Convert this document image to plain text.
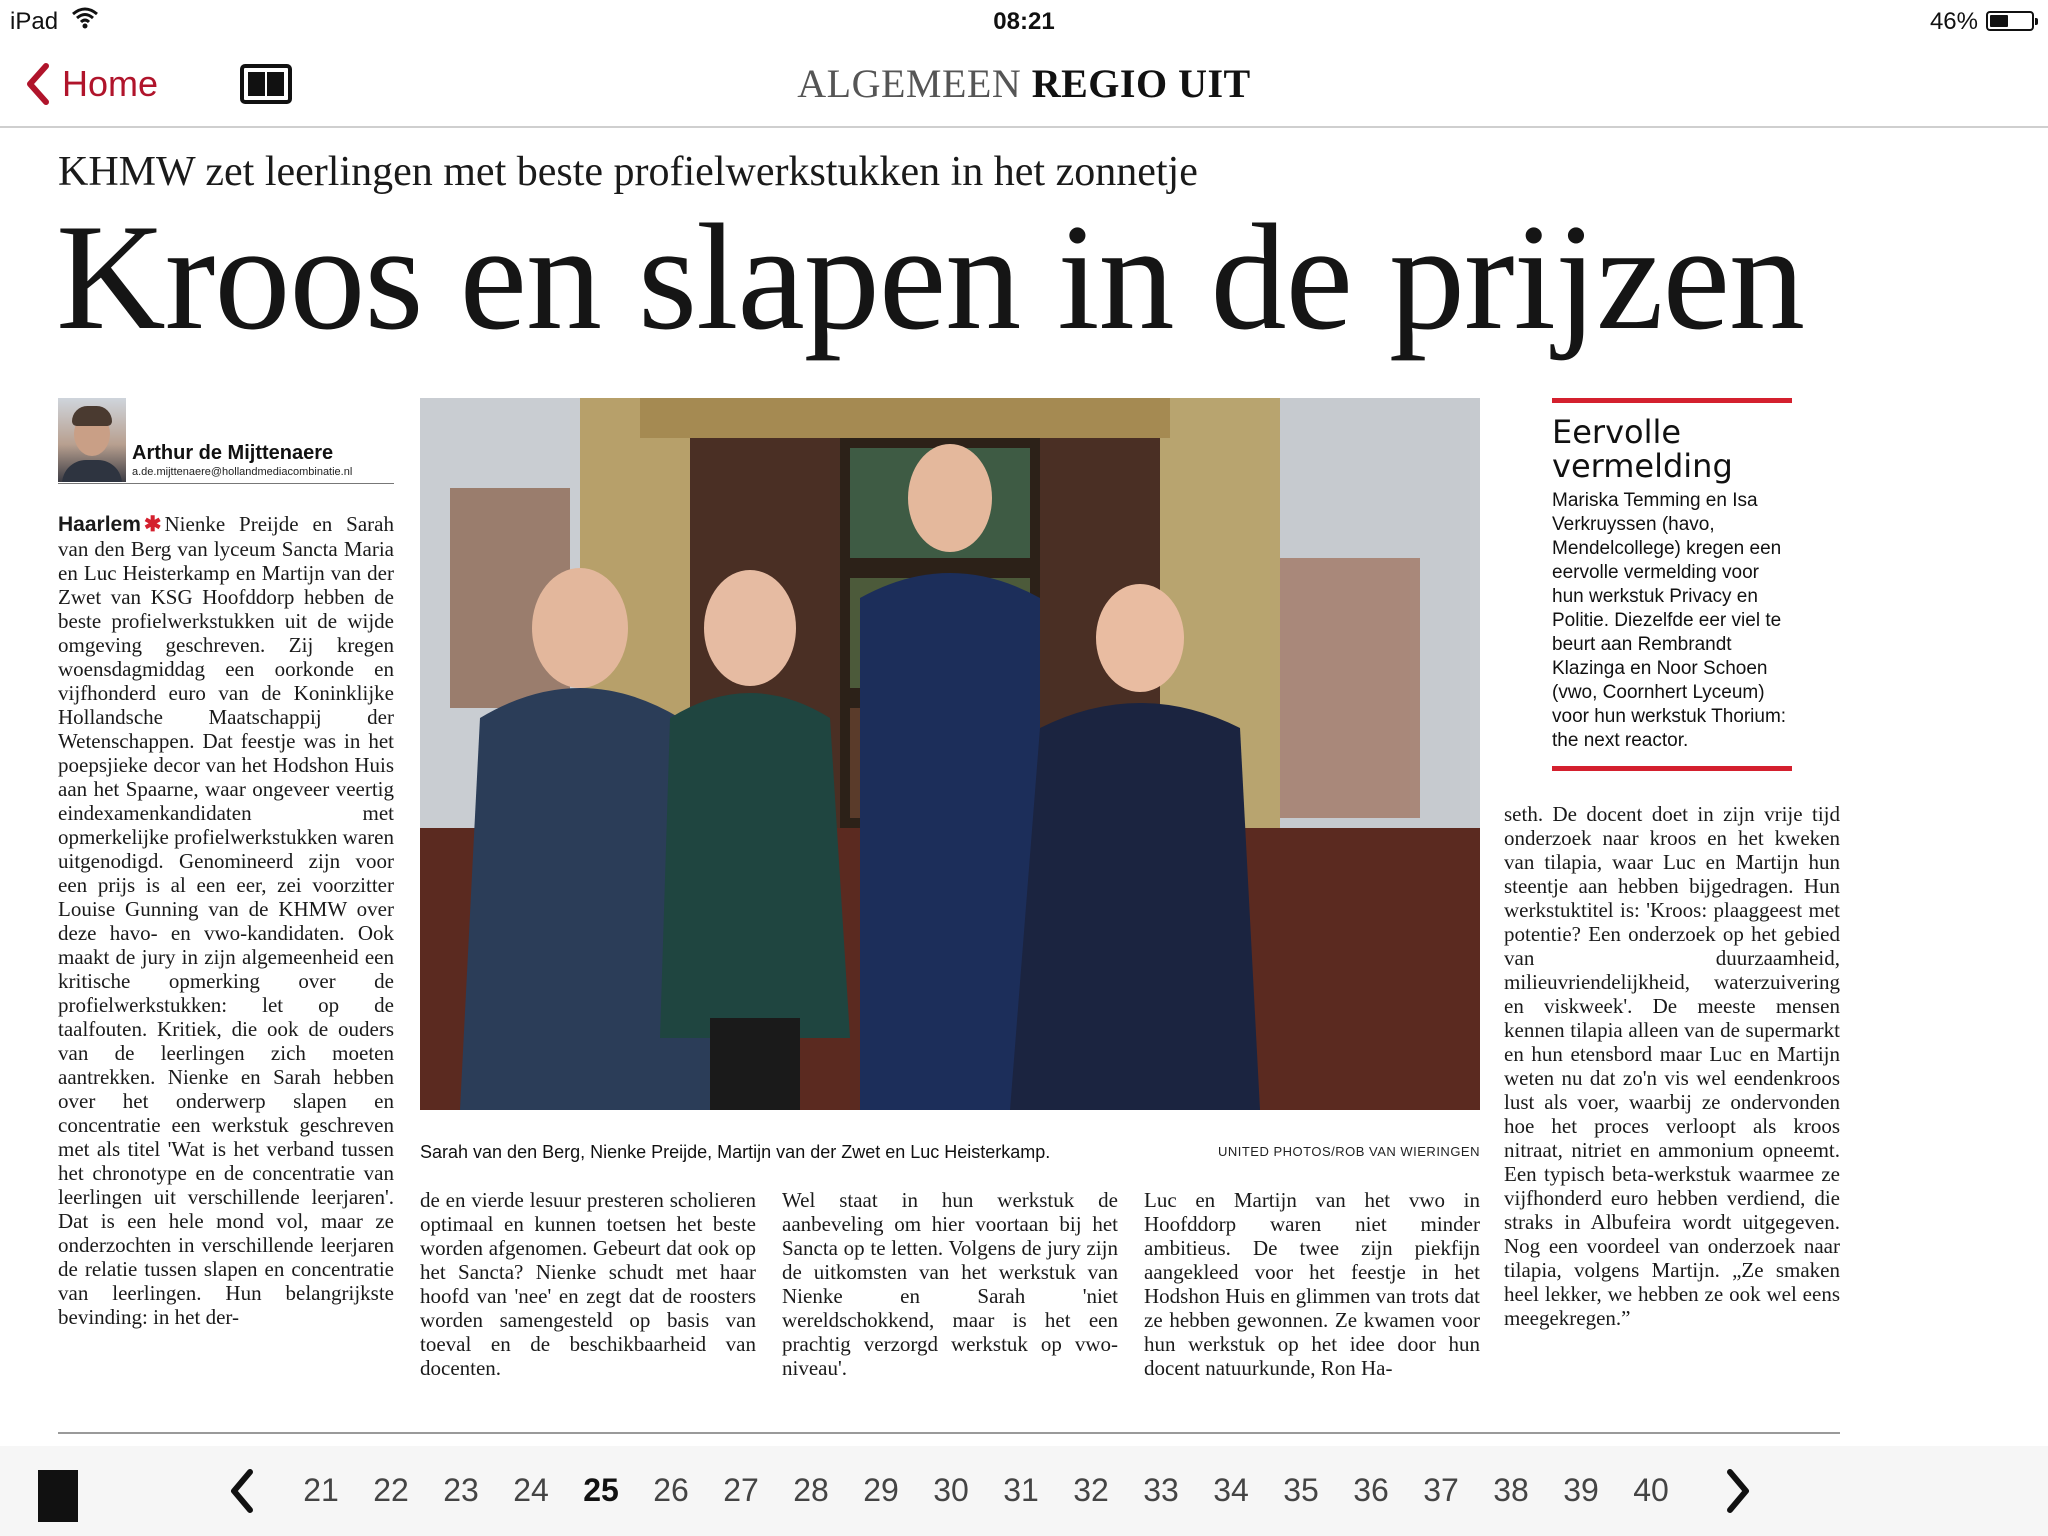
iPad	08:21	46%
Home	ALGEMEEN REGIO UIT
KHMW zet leerlingen met beste profielwerkstukken in het zonnetje
Kroos en slapen in de prijzen
Arthur de Mijttenaere
a.de.mijttenaere@hollandmediacombinatie.nl

Haarlem ✱ Nienke Preijde en Sarah van den Berg van lyceum Sancta Maria en Luc Heisterkamp en Martijn van der Zwet van KSG Hoofddorp hebben de beste profielwerkstukken uit de wijde omgeving geschreven. Zij kregen woensdagmiddag een oorkonde en vijfhonderd euro van de Koninklijke Hollandsche Maatschappij der Wetenschappen. Dat feestje was in het poepsjieke decor van het Hodshon Huis aan het Spaarne, waar ongeveer veertig eindexamenkandidaten met opmerkelijke profielwerkstukken waren uitgenodigd. Genomineerd zijn voor een prijs is al een eer, zei voorzitter Louise Gunning van de KHMW over deze havo- en vwo-kandidaten. Ook maakt de jury in zijn algemeenheid een kritische opmerking over de profielwerkstukken: let op de taalfouten. Kritiek, die ook de ouders van de leerlingen zich moeten aantrekken. Nienke en Sarah hebben over het onderwerp slapen en concentratie een werkstuk geschreven met als titel 'Wat is het verband tussen het chronotype en de concentratie van leerlingen uit verschillende leerjaren'. Dat is een hele mond vol, maar ze onderzochten in verschillende leerjaren de relatie tussen slapen en concentratie van leerlingen. Hun belangrijkste bevinding: in het der-

Sarah van den Berg, Nienke Preijde, Martijn van der Zwet en Luc Heisterkamp.	UNITED PHOTOS/ROB VAN WIERINGEN

de en vierde lesuur presteren scholieren optimaal en kunnen toetsen het beste worden afgenomen. Gebeurt dat ook op het Sancta? Nienke schudt met haar hoofd van 'nee' en zegt dat de roosters worden samengesteld op basis van toeval en de beschikbaarheid van docenten.

Wel staat in hun werkstuk de aanbeveling om hier voortaan bij het Sancta op te letten. Volgens de jury zijn de uitkomsten van het werkstuk van Nienke en Sarah 'niet wereldschokkend, maar is het een prachtig verzorgd werkstuk op vwo-niveau'.

Luc en Martijn van het vwo in Hoofddorp waren niet minder ambitieus. De twee zijn piekfijn aangekleed voor het feestje in het Hodshon Huis en glimmen van trots dat ze hebben gewonnen. Ze kwamen voor hun werkstuk op het idee door hun docent natuurkunde, Ron Ha-

seth. De docent doet in zijn vrije tijd onderzoek naar kroos en het kweken van tilapia, waar Luc en Martijn hun steentje aan hebben bijgedragen. Hun werkstuktitel is: 'Kroos: plaaggeest met potentie? Een onderzoek op het gebied van duurzaamheid, milieuvriendelijkheid, waterzuivering en viskweek'. De meeste mensen kennen tilapia alleen van de supermarkt en hun etensbord maar Luc en Martijn weten nu dat zo'n vis wel eendenkroos lust als voer, waarbij ze ondervonden hoe het proces verloopt als kroos nitraat, nitriet en ammonium opneemt. Een typisch beta-werkstuk waarmee ze vijfhonderd euro hebben verdiend, die straks in Albufeira wordt uitgegeven. Nog een voordeel van onderzoek naar tilapia, volgens Martijn. „Ze smaken heel lekker, we hebben ze ook wel eens meegekregen.”

Eervolle vermelding
Mariska Temming en Isa Verkruyssen (havo, Mendelcollege) kregen een eervolle vermelding voor hun werkstuk Privacy en Politie. Diezelfde eer viel te beurt aan Rembrandt Klazinga en Noor Schoen (vwo, Coornhert Lyceum) voor hun werkstuk Thorium: the next reactor.
21	22	23	24	25	26	27	28	29	30	31	32	33	34	35	36	37	38	39	40
